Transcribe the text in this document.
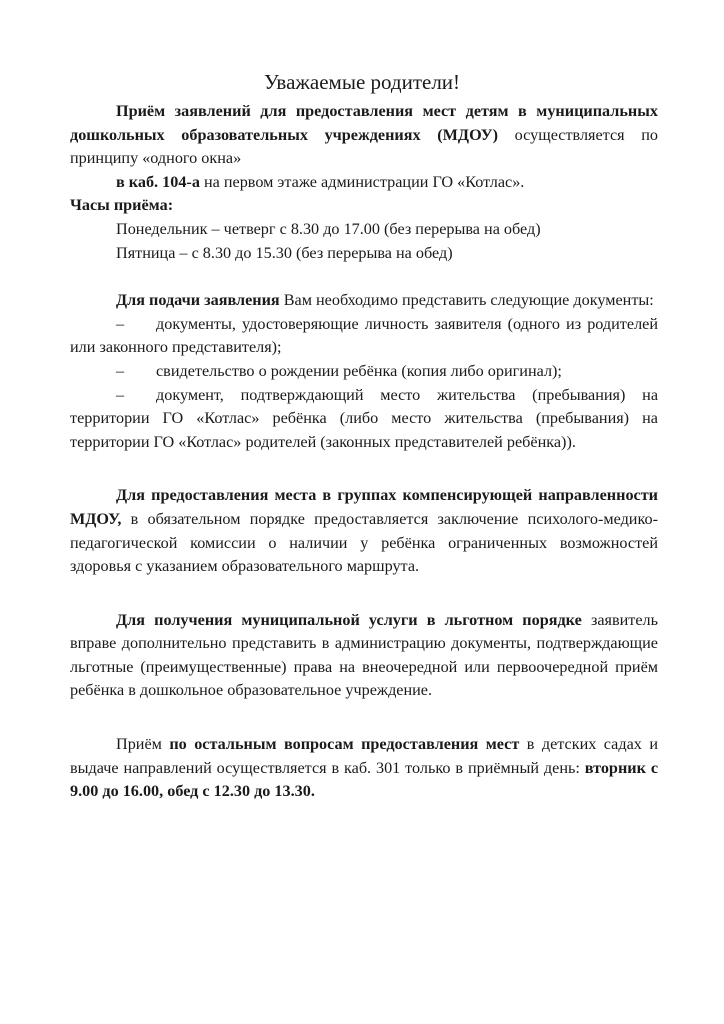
Уважаемые родители!

Приём заявлений для предоставления мест детям в муниципальных дошкольных образовательных учреждениях (МДОУ) осуществляется по принципу «одного окна»

в каб. 104-а на первом этаже администрации ГО «Котлас».

Часы приёма:

Понедельник – четверг с 8.30 до 17.00 (без перерыва на обед)

Пятница – с 8.30 до 15.30 (без перерыва на обед)

Для подачи заявления Вам необходимо представить следующие документы:

– документы, удостоверяющие личность заявителя (одного из родителей или законного представителя);

– свидетельство о рождении ребёнка (копия либо оригинал);

– документ, подтверждающий место жительства (пребывания) на территории ГО «Котлас» ребёнка (либо место жительства (пребывания) на территории ГО «Котлас» родителей (законных представителей ребёнка)).

Для предоставления места в группах компенсирующей направленности МДОУ, в обязательном порядке предоставляется заключение психолого-медико-педагогической комиссии о наличии у ребёнка ограниченных возможностей здоровья с указанием образовательного маршрута.

Для получения муниципальной услуги в льготном порядке заявитель вправе дополнительно представить в администрацию документы, подтверждающие льготные (преимущественные) права на внеочередной или первоочередной приём ребёнка в дошкольное образовательное учреждение.

Приём по остальным вопросам предоставления мест в детских садах и выдаче направлений осуществляется в каб. 301 только в приёмный день: вторник с 9.00 до 16.00, обед с 12.30 до 13.30.
